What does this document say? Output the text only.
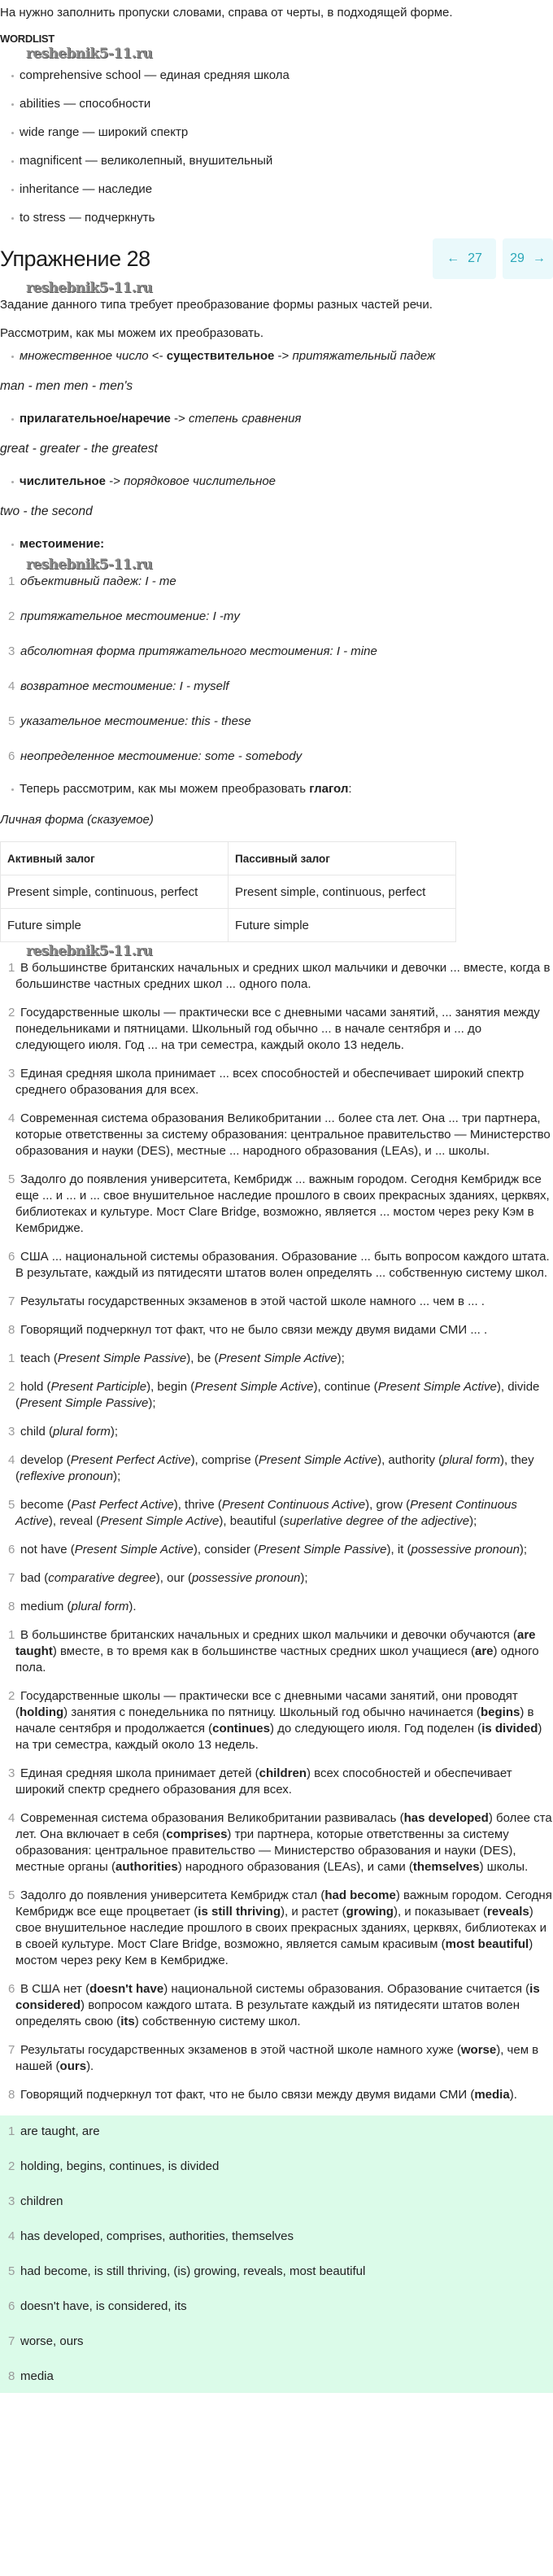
На нужно заполнить пропуски словами, справа от черты, в подходящей форме.

WORDLIST
reshebnik5-11.ru
comprehensive school — единая средняя школа
abilities — способности
wide range — широкий спектр
magnificent — великолепный, внушительный
inheritance — наследие
to stress — подчеркнуть
Упражнение 28	← 27 29 →
reshebnik5-11.ru

Задание данного типа требует преобразование формы разных частей речи.

Рассмотрим, как мы можем их преобразовать.

множественное число <- существительное -> притяжательный падеж

man - men men - men's

прилагательное/наречие -> степень сравнения

great - greater - the greatest

числительное -> порядковое числительное

two - the second

местоимение:
reshebnik5-11.ru
1 объективный падеж: I - me
2 притяжательное местоимение: I -my
3 абсолютная форма притяжательного местоимения: I - mine
4 возвратное местоимение: I - myself
5 указательное местоимение: this - these
6 неопределенное местоимение: some - somebody
Теперь рассмотрим, как мы можем преобразовать глагол:

Личная форма (сказуемое)

Активный залог	Пассивный залог
Present simple, continuous, perfect	Present simple, continuous, perfect
Future simple	Future simple
reshebnik5-11.ru
1 В большинстве британских начальных и средних школ мальчики и девочки ... вместе, когда в большинстве частных средних школ ... одного пола.
2 Государственные школы — практически все с дневными часами занятий, ... занятия между понедельниками и пятницами. Школьный год обычно ... в начале сентября и ... до следующего июля. Год ... на три семестра, каждый около 13 недель.
3 Единая средняя школа принимает ... всех способностей и обеспечивает широкий спектр среднего образования для всех.
4 Современная система образования Великобритании ... более ста лет. Она ... три партнера, которые ответственны за систему образования: центральное правительство — Министерство образования и науки (DES), местные ... народного образования (LEAs), и ... школы.
5 Задолго до появления университета, Кембридж ... важным городом. Сегодня Кембридж все еще ... и ... и ... свое внушительное наследие прошлого в своих прекрасных зданиях, церквях, библиотеках и культуре. Мост Clare Bridge, возможно, является ... мостом через реку Кэм в Кембридже.
6 США ... национальной системы образования. Образование ... быть вопросом каждого штата. В результате, каждый из пятидесяти штатов волен определять ... собственную систему школ.
7 Результаты государственных экзаменов в этой частой школе намного ... чем в ... .
8 Говорящий подчеркнул тот факт, что не было связи между двумя видами СМИ ... .
1 teach (Present Simple Passive), be (Present Simple Active);
2 hold (Present Participle), begin (Present Simple Active), continue (Present Simple Active), divide (Present Simple Passive);
3 child (plural form);
4 develop (Present Perfect Active), comprise (Present Simple Active), authority (plural form), they (reflexive pronoun);
5 become (Past Perfect Active), thrive (Present Continuous Active), grow (Present Continuous Active), reveal (Present Simple Active), beautiful (superlative degree of the adjective);
6 not have (Present Simple Active), consider (Present Simple Passive), it (possessive pronoun);
7 bad (comparative degree), our (possessive pronoun);
8 medium (plural form).
1 В большинстве британских начальных и средних школ мальчики и девочки обучаются (are taught) вместе, в то время как в большинстве частных средних школ учащиеся (are) одного пола.
2 Государственные школы — практически все с дневными часами занятий, они проводят (holding) занятия с понедельника по пятницу. Школьный год обычно начинается (begins) в начале сентября и продолжается (continues) до следующего июля. Год поделен (is divided) на три семестра, каждый около 13 недель.
3 Единая средняя школа принимает детей (children) всех способностей и обеспечивает широкий спектр среднего образования для всех.
4 Современная система образования Великобритании развивалась (has developed) более ста лет. Она включает в себя (comprises) три партнера, которые ответственны за систему образования: центральное правительство — Министерство образования и науки (DES), местные органы (authorities) народного образования (LEAs), и сами (themselves) школы.
5 Задолго до появления университета Кембридж стал (had become) важным городом. Сегодня Кембридж все еще процветает (is still thriving), и растет (growing), и показывает (reveals) свое внушительное наследие прошлого в своих прекрасных зданиях, церквях, библиотеках и в своей культуре. Мост Clare Bridge, возможно, является самым красивым (most beautiful) мостом через реку Кем в Кембридже.
6 В США нет (doesn't have) национальной системы образования. Образование считается (is considered) вопросом каждого штата. В результате каждый из пятидесяти штатов волен определять свою (its) собственную систему школ.
7 Результаты государственных экзаменов в этой частной школе намного хуже (worse), чем в нашей (ours).
8 Говорящий подчеркнул тот факт, что не было связи между двумя видами СМИ (media).
1 are taught, are
2 holding, begins, continues, is divided
3 children
4 has developed, comprises, authorities, themselves
5 had become, is still thriving, (is) growing, reveals, most beautiful
6 doesn't have, is considered, its
7 worse, ours
8 media
